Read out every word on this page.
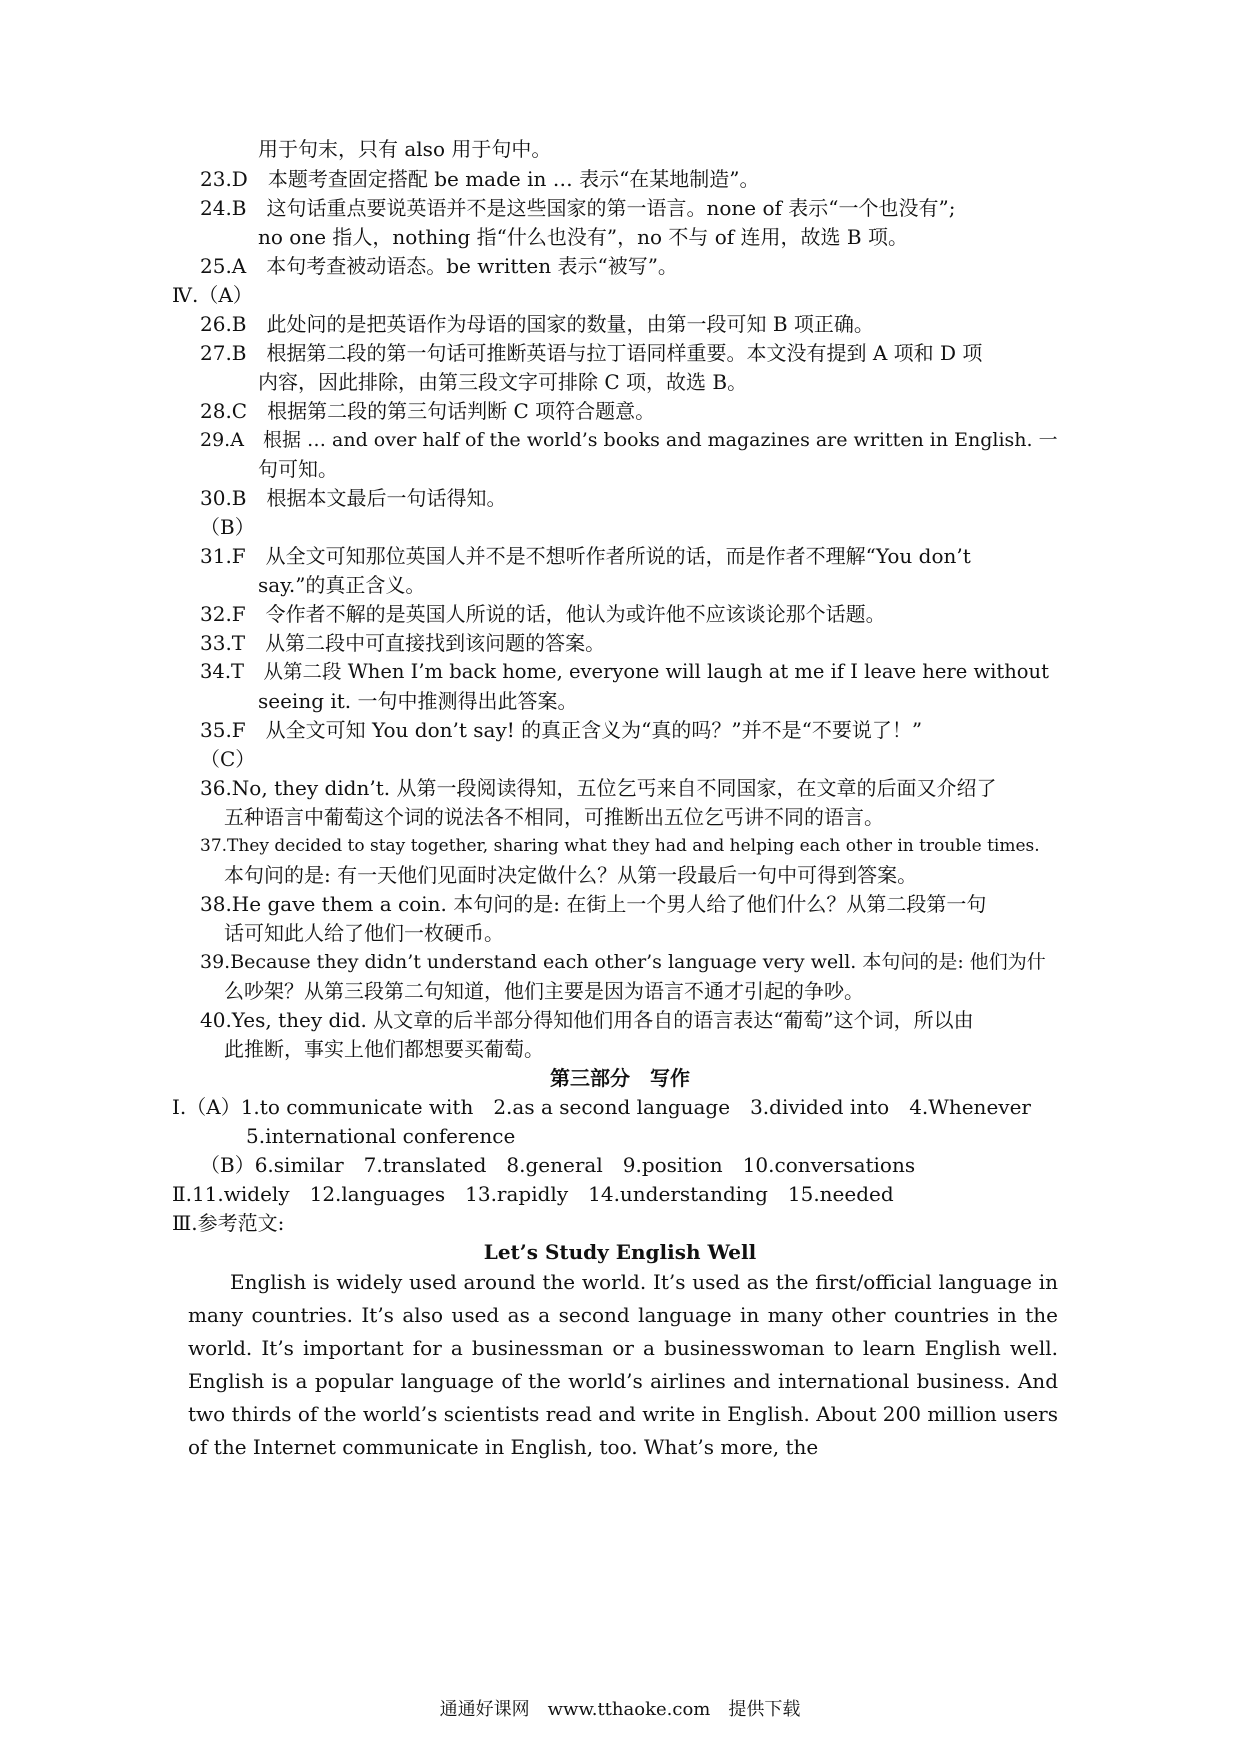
用于句末，只有 also 用于句中。
23.D　本题考查固定搭配 be made in … 表示“在某地制造”。
24.B　这句话重点要说英语并不是这些国家的第一语言。none of 表示“一个也没有”;
no one 指人，nothing 指“什么也没有”，no 不与 of 连用，故选 B 项。
25.A　本句考查被动语态。be written 表示“被写”。
Ⅳ.（A）
26.B　此处问的是把英语作为母语的国家的数量，由第一段可知 B 项正确。
27.B　根据第二段的第一句话可推断英语与拉丁语同样重要。本文没有提到 A 项和 D 项
内容，因此排除，由第三段文字可排除 C 项，故选 B。
28.C　根据第二段的第三句话判断 C 项符合题意。
29.A　根据 … and over half of the world’s books and magazines are written in English. 一
句可知。
30.B　根据本文最后一句话得知。
（B）
31.F　从全文可知那位英国人并不是不想听作者所说的话，而是作者不理解“You don’t
say.”的真正含义。
32.F　令作者不解的是英国人所说的话，他认为或许他不应该谈论那个话题。
33.T　从第二段中可直接找到该问题的答案。
34.T　从第二段 When I’m back home, everyone will laugh at me if I leave here without
seeing it. 一句中推测得出此答案。
35.F　从全文可知 You don’t say! 的真正含义为“真的吗？”并不是“不要说了！”
（C）
36.No, they didn’t. 从第一段阅读得知，五位乞丐来自不同国家，在文章的后面又介绍了
五种语言中葡萄这个词的说法各不相同，可推断出五位乞丐讲不同的语言。
37.They decided to stay together, sharing what they had and helping each other in trouble times.
本句问的是: 有一天他们见面时决定做什么？从第一段最后一句中可得到答案。
38.He gave them a coin. 本句问的是: 在街上一个男人给了他们什么？从第二段第一句
话可知此人给了他们一枚硬币。
39.Because they didn’t understand each other’s language very well. 本句问的是: 他们为什
么吵架？从第三段第二句知道，他们主要是因为语言不通才引起的争吵。
40.Yes, they did. 从文章的后半部分得知他们用各自的语言表达“葡萄”这个词，所以由
此推断，事实上他们都想要买葡萄。
第三部分　写作
Ⅰ.（A）1.to communicate with　2.as a second language　3.divided into　4.Whenever
5.international conference
（B）6.similar　7.translated　8.general　9.position　10.conversations
Ⅱ.11.widely　12.languages　13.rapidly　14.understanding　15.needed
Ⅲ.参考范文:
Let’s Study English Well
English is widely used around the world. It’s used as the first/official language in many countries. It’s also used as a second language in many other countries in the world. It’s important for a businessman or a businesswoman to learn English well. English is a popular language of the world’s airlines and international business. And two thirds of the world’s scientists read and write in English. About 200 million users of the Internet communicate in English, too. What’s more, the
通通好课网　www.tthaoke.com　提供下载
